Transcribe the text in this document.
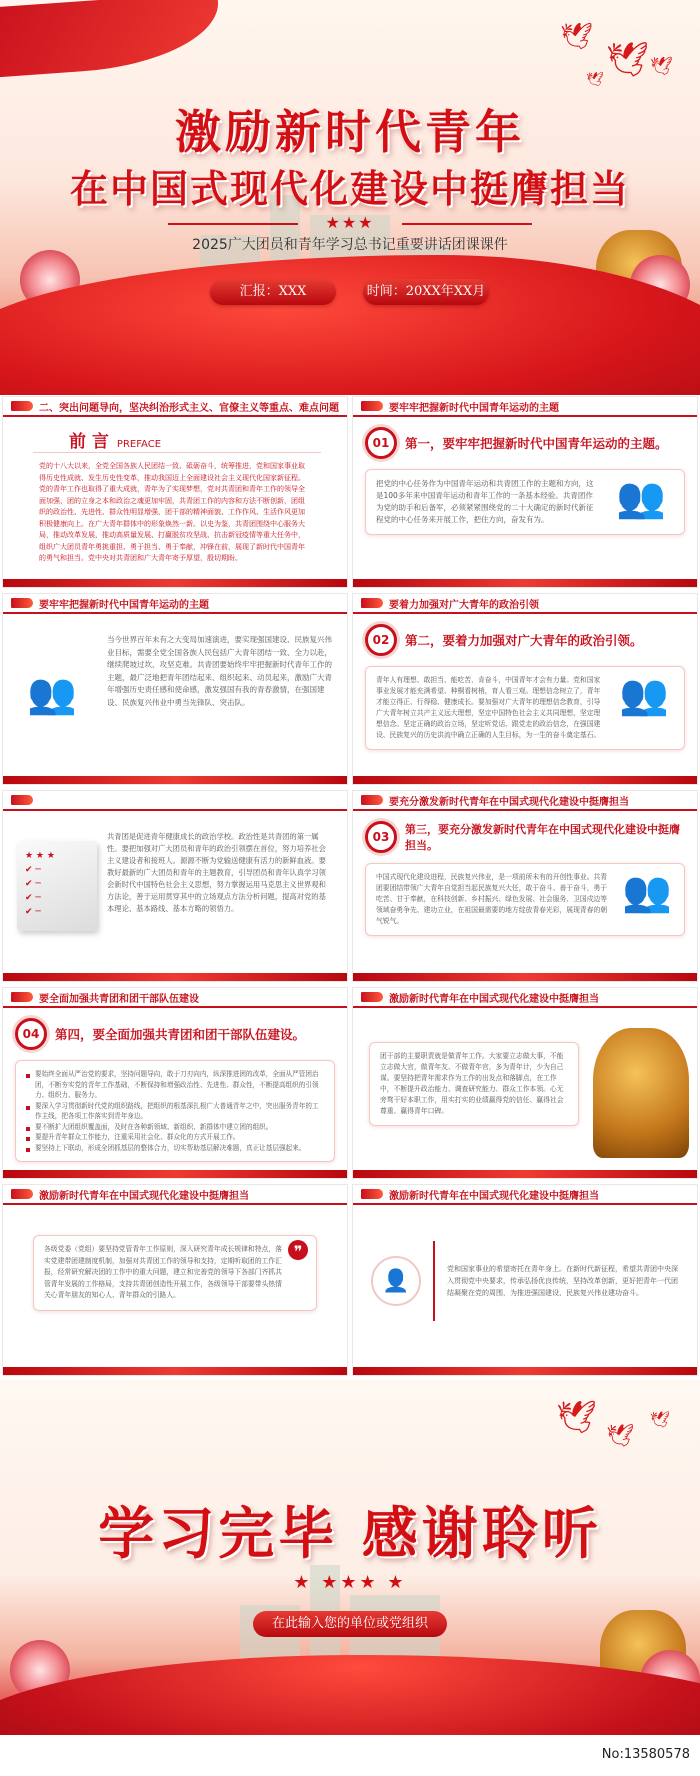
🕊
🕊 🕊
🕊
激励新时代青年
在中国式现代化建设中挺膺担当
★★★
2025广大团员和青年学习总书记重要讲话团课课件
汇报：XXX	时间：20XX年XX月
二、突出问题导向，坚决纠治形式主义、官僚主义等重点、难点问题
前 言 PREFACE

党的十八大以来，全党全国各族人民团结一致、砥砺奋斗，统筹推进，党和国家事业取得历史性成就、发生历史性变革，推动我国迈上全面建设社会主义现代化国家新征程。党的青年工作也取得了重大成就，青年为了实现梦想，党对共青团和青年工作的领导全面加强，团的立身之本和政治之魂更加牢固，共青团工作的内容和方法不断创新，团组织的政治性、先进性、群众性明显增强，团干部的精神面貌、工作作风、生活作风更加积极健康向上。在广大青年群体中的形象焕然一新。以史为鉴，共青团围绕中心服务大局，推动改革发展，推动高质量发展、打赢脱贫攻坚战、抗击新冠疫情等重大任务中，组织广大团员青年勇挑重担、勇于担当、勇于奉献，冲锋在前，展现了新时代中国青年的勇气和担当。党中央对共青团和广大青年寄予厚望，殷切期盼。

要牢牢把握新时代中国青年运动的主题
01	第一，要牢牢把握新时代中国青年运动的主题。

把党的中心任务作为中国青年运动和共青团工作的主题和方向，这是100多年来中国青年运动和青年工作的一条基本经验。共青团作为党的助手和后备军，必须紧紧围绕党的二十大确定的新时代新征程党的中心任务来开展工作，把住方向，奋发有为。	👥
要牢牢把握新时代中国青年运动的主题
👥

当今世界百年未有之大变局加速演进，要实现强国建设、民族复兴伟业目标，需要全党全国各族人民包括广大青年团结一致、全力以赴，继续爬坡过坎、攻坚克难。共青团要始终牢牢把握新时代青年工作的主题，最广泛地把青年团结起来、组织起来、动员起来，激励广大青年增强历史责任感和使命感，激发强国有我的青春激情，在强国建设、民族复兴伟业中勇当先锋队、突击队。

要着力加强对广大青年的政治引领
02	第二，要着力加强对广大青年的政治引领。

青年人有理想、敢担当、能吃苦、肯奋斗，中国青年才会有力量。党和国家事业发展才能充满希望、种桐看树梢，育人看三观。理想信念树立了，青年才能立得正、行得稳、健康成长。要加强对广大青年的理想信念教育，引导广大青年树立共产主义远大理想，坚定中国特色社会主义共同理想，坚定理想信念。坚定正确的政治立场，坚定听党话、跟党走的政治信念，在强国建设、民族复兴的历史洪流中确立正确的人生目标，为一生的奋斗奠定基石。

👥
★ ★ ★
✔ ─
✔ ─
✔ ─
✔ ─

共青团是促进青年健康成长的政治学校。政治性是共青团的第一属性。要把加强对广大团员和青年的政治引领摆在首位，努力培养社会主义建设者和接班人。源源不断为党输送健康有活力的新鲜血液。要教好最新的广大团员和青年的主题教育，引导团员和青年认真学习领会新时代中国特色社会主义思想，努力掌握运用马克思主义世界观和方法论，善于运用贯穿其中的立场观点方法分析问题，提高对党的基本理论、基本路线、基本方略的领悟力。

要充分激发新时代青年在中国式现代化建设中挺膺担当
03
第三，要充分激发新时代青年在中国式现代化建设中挺膺担当。

中国式现代化建设进程，民族复兴伟业，是一项前所未有的开创性事业。共青团要团结带领广大青年自觉担当起民族复兴大任，敢于奋斗、善于奋斗，勇于吃苦、甘于奉献，在科技创新、乡村振兴、绿色发展、社会服务、卫国戍边等领域奋勇争先、建功立业，在祖国最需要的地方绽放青春光彩，展现青春的朝气锐气。

👥
要全面加强共青团和团干部队伍建设
04	第四，要全面加强共青团和团干部队伍建设。
要始终全面从严治党的要求，坚持问题导向，敢于刀刃向内，纵深推进团的改革，全面从严管团治团，不断夯实党的青年工作基础，不断保持和增强政治性、先进性、群众性，不断提高组织的引领力、组织力、服务力。
要深入学习贯彻新时代党的组织路线，把组织的根基深扎根广大普通青年之中，突出服务青年的工作主线，把各项工作落实到青年身边。
要不断扩大团组织覆盖面，及时在各种新领域、新组织、新群体中建立团的组织。
要提升青年群众工作能力，注重采用社会化、群众化的方式开展工作。
要坚持上下联动，形成全团抓基层的整体合力，切实帮助基层解决难题，真正让基层强起来。
激励新时代青年在中国式现代化建设中挺膺担当

团干部的主要职责就是做青年工作。大家要立志做大事，不能立志做大官，做青年友、不做青年官，多为青年计，少为自己谋。要坚持把青年需求作为工作的出发点和落脚点，在工作中，不断提升政治能力、调查研究能力、群众工作本领。心无旁骛干好本职工作，用实打实的业绩赢得党的信任、赢得社会尊重、赢得青年口碑。

激励新时代青年在中国式现代化建设中挺膺担当
❞

各级党委（党组）要坚持党管青年工作原则，深入研究青年成长规律和特点，落实党建带团建制度机制，加强对共青团工作的领导和支持，定期听取团的工作汇报，经常研究解决团的工作中的重大问题，建立和完善党的领导下各部门齐抓共管青年发展的工作格局，支持共青团创造性开展工作，各级领导干部要带头热情关心青年朋友的知心人、青年群众的引路人。

激励新时代青年在中国式现代化建设中挺膺担当
👤	党和国家事业的希望寄托在青年身上。在新时代新征程，希望共青团中央深入贯彻党中央要求，传承弘扬优良传统，坚持改革创新，更好把青年一代团结凝聚在党的周围，为推进强国建设、民族复兴伟业建功奋斗。

🕊
🕊
🕊
学习完毕 感谢聆听
★ ★★★ ★
在此输入您的单位或党组织
No:13580578
